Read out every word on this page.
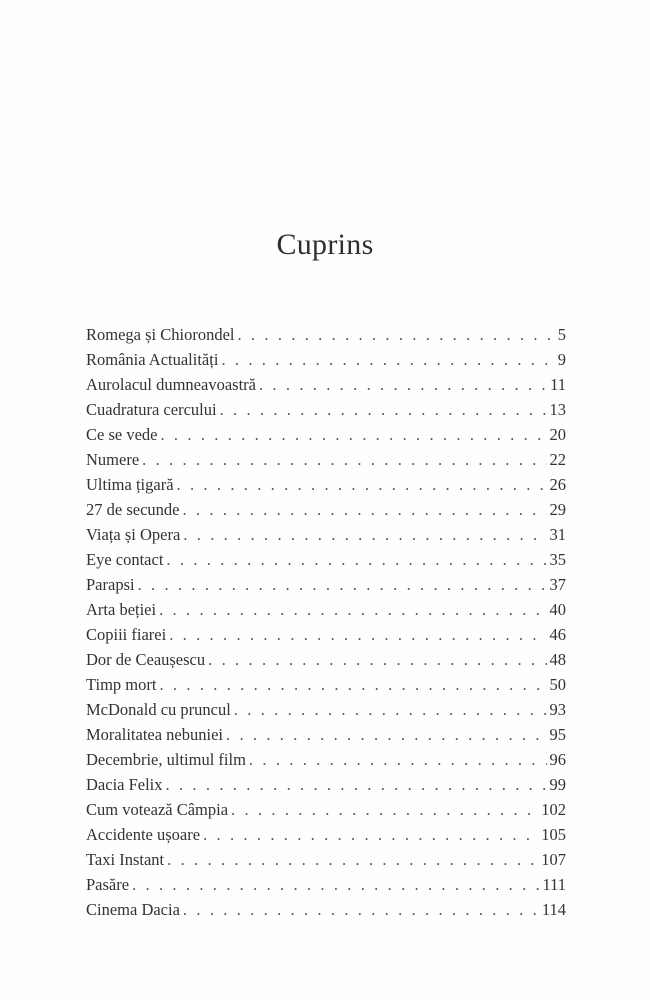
Cuprins
Romega și Chiorondel . . .	5
România Actualități . . .	9
Aurolacul dumneavoastră . . .	11
Cuadratura cercului . . .	13
Ce se vede . . .	20
Numere . . .	22
Ultima țigară . . .	26
27 de secunde . . .	29
Viața și Opera . . .	31
Eye contact . . .	35
Parapsi . . .	37
Arta beției . . .	40
Copiii fiarei . . .	46
Dor de Ceaușescu . . .	48
Timp mort . . .	50
McDonald cu pruncul . . .	93
Moralitatea nebuniei . . .	95
Decembrie, ultimul film . . .	96
Dacia Felix . . .	99
Cum votează Câmpia . . .	102
Accidente ușoare . . .	105
Taxi Instant . . .	107
Pasăre . . .	111
Cinema Dacia . . .	114
